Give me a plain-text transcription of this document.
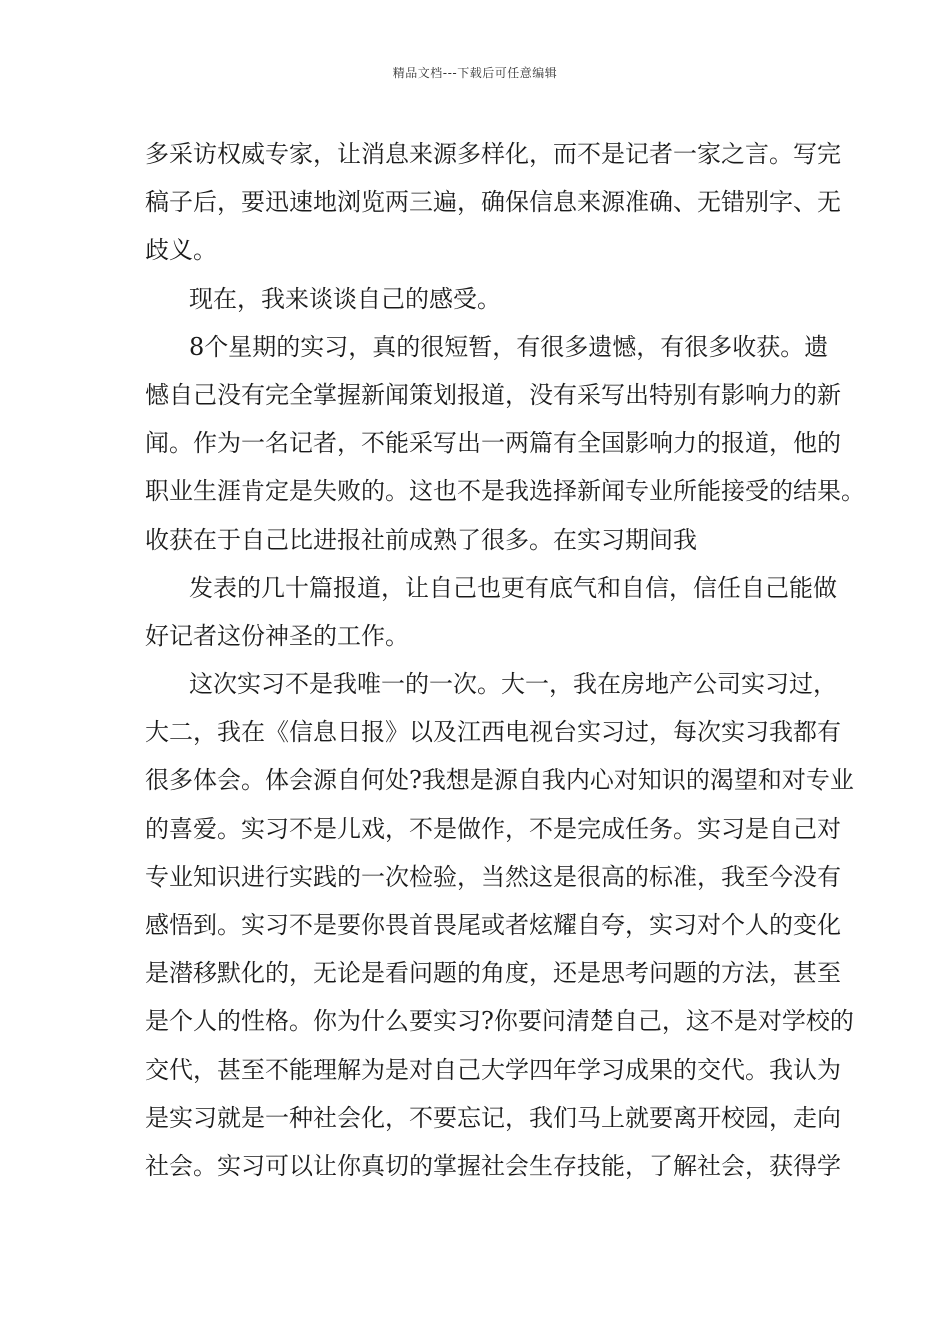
精品文档---下载后可任意编辑
多采访权威专家，让消息来源多样化，而不是记者一家之言。写完
稿子后，要迅速地浏览两三遍，确保信息来源准确、无错别字、无
歧义。
现在，我来谈谈自己的感受。
8个星期的实习，真的很短暂，有很多遗憾，有很多收获。遗
憾自己没有完全掌握新闻策划报道，没有采写出特别有影响力的新
闻。作为一名记者，不能采写出一两篇有全国影响力的报道，他的
职业生涯肯定是失败的。这也不是我选择新闻专业所能接受的结果。
收获在于自己比进报社前成熟了很多。在实习期间我
发表的几十篇报道，让自己也更有底气和自信，信任自己能做
好记者这份神圣的工作。
这次实习不是我唯一的一次。大一，我在房地产公司实习过，
大二，我在《信息日报》以及江西电视台实习过，每次实习我都有
很多体会。体会源自何处?我想是源自我内心对知识的渴望和对专业
的喜爱。实习不是儿戏，不是做作，不是完成任务。实习是自己对
专业知识进行实践的一次检验，当然这是很高的标准，我至今没有
感悟到。实习不是要你畏首畏尾或者炫耀自夸，实习对个人的变化
是潜移默化的，无论是看问题的角度，还是思考问题的方法，甚至
是个人的性格。你为什么要实习?你要问清楚自己，这不是对学校的
交代，甚至不能理解为是对自己大学四年学习成果的交代。我认为
是实习就是一种社会化，不要忘记，我们马上就要离开校园，走向
社会。实习可以让你真切的掌握社会生存技能，了解社会，获得学
